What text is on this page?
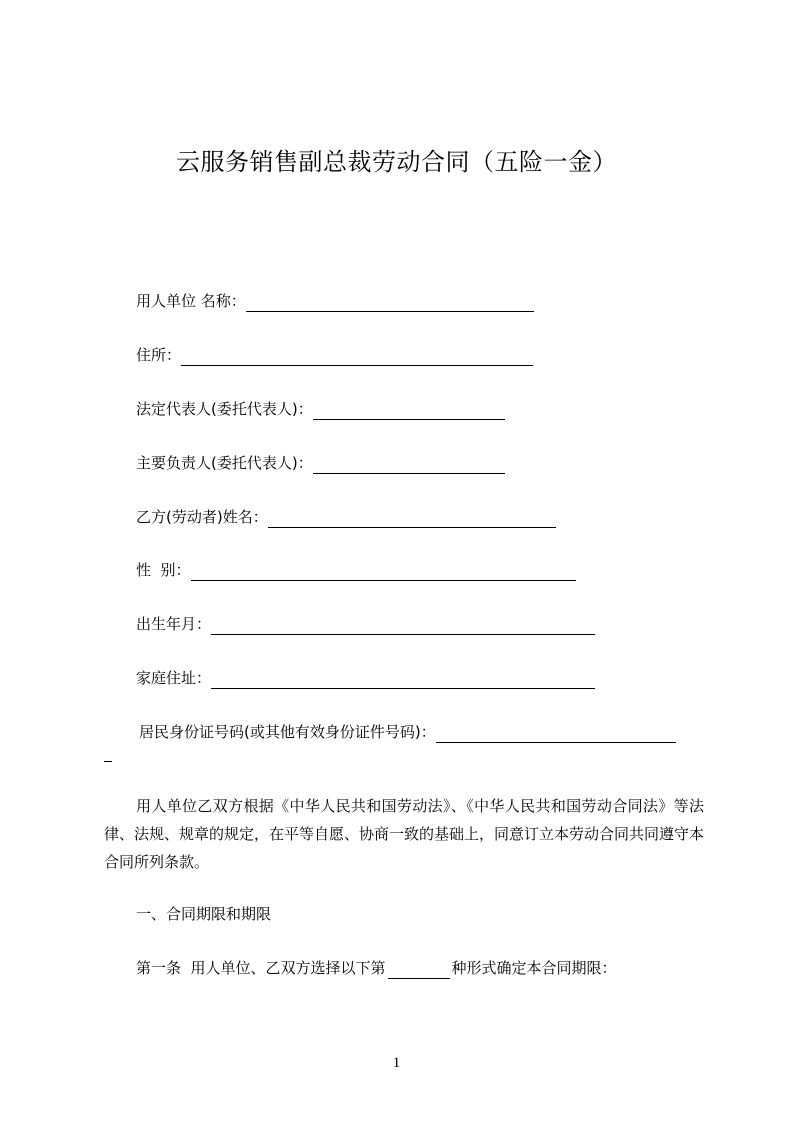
云服务销售副总裁劳动合同（五险一金）
用人单位 名称：
住所：
法定代表人(委托代表人)：
主要负责人(委托代表人)：
乙方(劳动者)姓名：
性  别：
出生年月：
家庭住址：
居民身份证号码(或其他有效身份证件号码)：
用人单位乙双方根据《中华人民共和国劳动法》、《中华人民共和国劳动合同法》等法律、法规、规章的规定，在平等自愿、协商一致的基础上，同意订立本劳动合同共同遵守本合同所列条款。
一、合同期限和期限
第一条  用人单位、乙双方选择以下第	种形式确定本合同期限：
1
